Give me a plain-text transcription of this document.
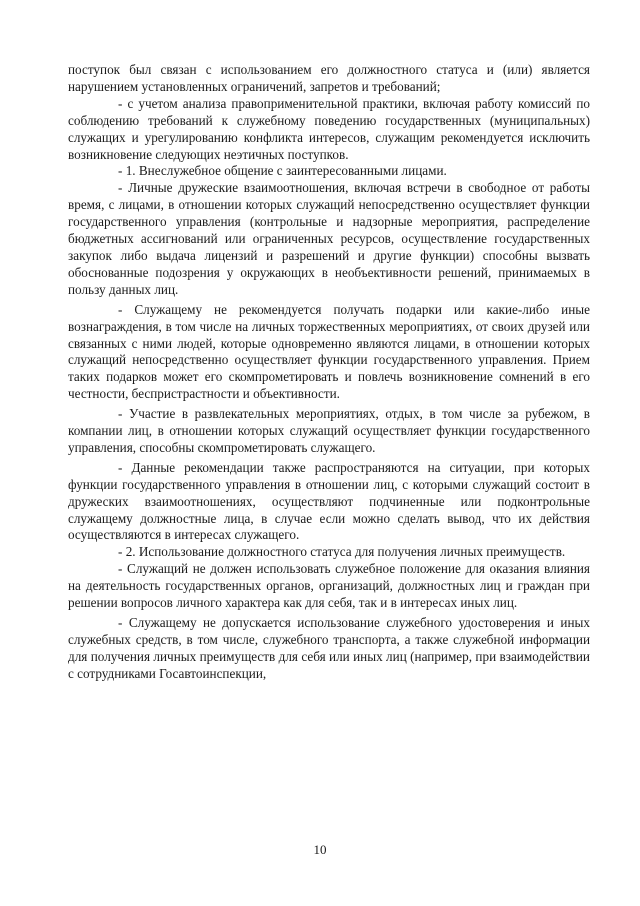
поступок был связан с использованием его должностного статуса и (или) является нарушением установленных ограничений, запретов и требований;

- с учетом анализа правоприменительной практики, включая работу комиссий по соблюдению требований к служебному поведению государственных (муниципальных) служащих и урегулированию конфликта интересов, служащим рекомендуется исключить возникновение следующих неэтичных поступков.

- 1. Внеслужебное общение с заинтересованными лицами.

- Личные дружеские взаимоотношения, включая встречи в свободное от работы время, с лицами, в отношении которых служащий непосредственно осуществляет функции государственного управления (контрольные и надзорные мероприятия, распределение бюджетных ассигнований или ограниченных ресурсов, осуществление государственных закупок либо выдача лицензий и разрешений и другие функции) способны вызвать обоснованные подозрения у окружающих в необъективности решений, принимаемых в пользу данных лиц.

- Служащему не рекомендуется получать подарки или какие-либо иные вознаграждения, в том числе на личных торжественных мероприятиях, от своих друзей или связанных с ними людей, которые одновременно являются лицами, в отношении которых служащий непосредственно осуществляет функции государственного управления. Прием таких подарков может его скомпрометировать и повлечь возникновение сомнений в его честности, беспристрастности и объективности.

- Участие в развлекательных мероприятиях, отдых, в том числе за рубежом, в компании лиц, в отношении которых служащий осуществляет функции государственного управления, способны скомпрометировать служащего.

- Данные рекомендации также распространяются на ситуации, при которых функции государственного управления в отношении лиц, с которыми служащий состоит в дружеских взаимоотношениях, осуществляют подчиненные или подконтрольные служащему должностные лица, в случае если можно сделать вывод, что их действия осуществляются в интересах служащего.

- 2. Использование должностного статуса для получения личных преимуществ.

- Служащий не должен использовать служебное положение для оказания влияния на деятельность государственных органов, организаций, должностных лиц и граждан при решении вопросов личного характера как для себя, так и в интересах иных лиц.

- Служащему не допускается использование служебного удостоверения и иных служебных средств, в том числе, служебного транспорта, а также служебной информации для получения личных преимуществ для себя или иных лиц (например, при взаимодействии с сотрудниками Госавтоинспекции,

10
